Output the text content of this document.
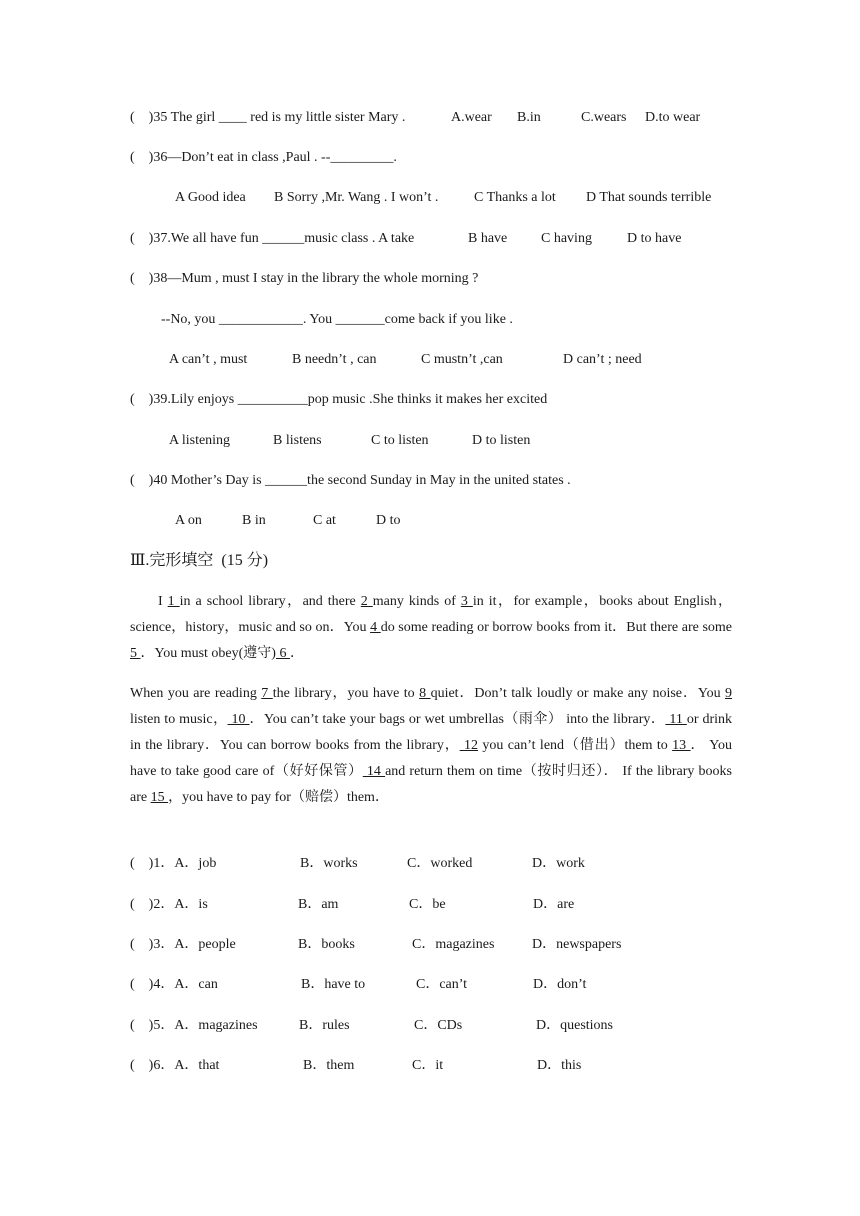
(    )35 The girl ____ red is my little sister Mary .	A.wear B.in	C.wears D.to wear
(    )36—Don’t eat in class ,Paul . --_________.
A Good idea B Sorry ,Mr. Wang . I won’t .	C Thanks a lot D That sounds terrible
(    )37.We all have fun ______music class . A take	B have C having	D to have
(    )38—Mum , must I stay in the library the whole morning ?
--No, you ____________. You _______come back if you like .
A can’t , must	B needn’t , can	C mustn’t ,can	D can’t ; need
(    )39.Lily enjoys __________pop music .She thinks it makes her excited
A listening	B listens	C to listen	D to listen
(    )40 Mother’s Day is ______the second Sunday in May in the united states .
A on	B in	C at	D to
Ⅲ.完形填空  (15 分)
I 1 in a school library，and there 2 many kinds of 3 in it，for example，books about English，science，history，music and so on．You 4 do some reading or borrow books from it．But there are some 5 ．You must obey(遵守) 6 ．
When you are reading 7 the library，you have to 8 quiet．Don’t talk loudly or make any noise．You 9 listen to music， 10 ．You can’t take your bags or wet umbrellas（雨伞） into the library． 11 or drink in the library．You can borrow books from the library， 12 you can’t lend（借出）them to 13 ． You have to take good care of（好好保管） 14 and return them on time（按时归还）． If the library books are 15 ，you have to pay for（赔偿）them．
(    )1．A．job	B．works	C．worked	D．work
(    )2．A．is	B．am	C．be	D．are
(    )3．A．people	B．books	C．magazines	D．newspapers
(    )4．A．can	B．have to	C．can’t	D．don’t
(    )5．A．magazines	B．rules	C．CDs	D．questions
(    )6．A．that	B．them	C．it	D．this
